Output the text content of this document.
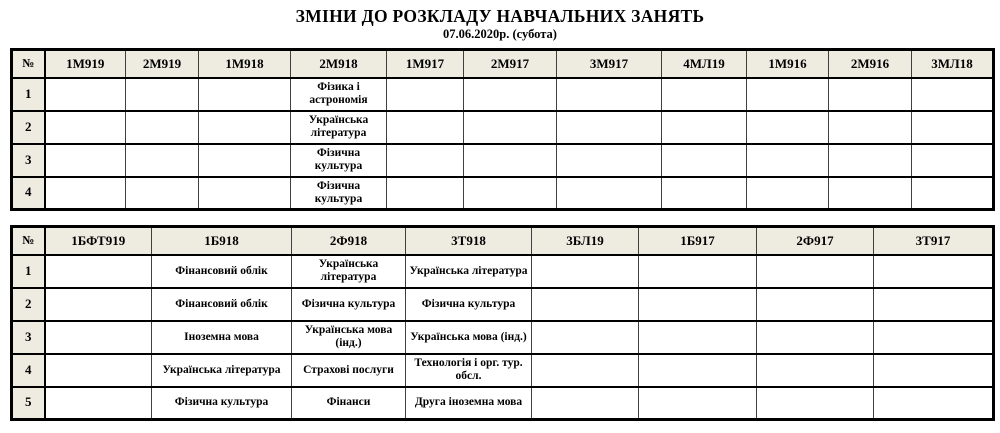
ЗМІНИ ДО РОЗКЛАДУ НАВЧАЛЬНИХ ЗАНЯТЬ
07.06.2020р. (субота)
№	1М919	2М919	1М918	2М918	1М917	2М917	3М917	4МЛ19	1М916	2М916	3МЛ18
1				Фізика і астрономія							
2				Українська література							
3				Фізична культура							
4				Фізична культура							
№	1БФТ919	1Б918	2Ф918	3Т918	3БЛ19	1Б917	2Ф917	3Т917
1		Фінансовий облік	Українська література	Українська література				
2		Фінансовий облік	Фізична культура	Фізична культура				
3		Іноземна мова	Українська мова (інд.)	Українська мова (інд.)				
4		Українська література	Страхові послуги	Технологія і орг. тур. обсл.				
5		Фізична культура	Фінанси	Друга іноземна мова				
